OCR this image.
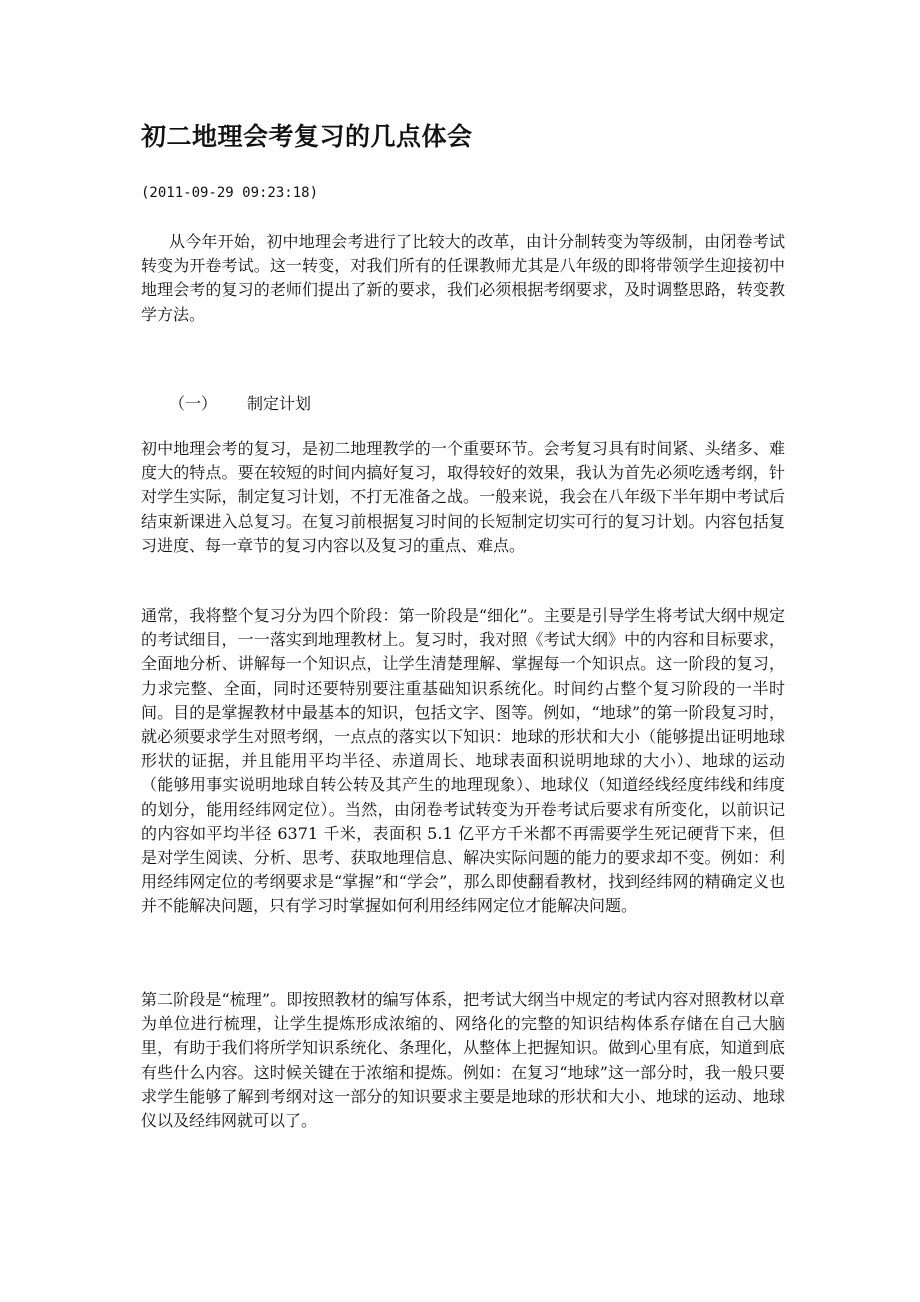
初二地理会考复习的几点体会
(2011-09-29 09:23:18)

从今年开始，初中地理会考进行了比较大的改革，由计分制转变为等级制，由闭卷考试转变为开卷考试。这一转变，对我们所有的任课教师尤其是八年级的即将带领学生迎接初中地理会考的复习的老师们提出了新的要求，我们必须根据考纲要求，及时调整思路，转变教学方法。

（一） 制定计划

初中地理会考的复习，是初二地理教学的一个重要环节。会考复习具有时间紧、头绪多、难度大的特点。要在较短的时间内搞好复习，取得较好的效果，我认为首先必须吃透考纲，针对学生实际，制定复习计划，不打无准备之战。一般来说，我会在八年级下半年期中考试后结束新课进入总复习。在复习前根据复习时间的长短制定切实可行的复习计划。内容包括复习进度、每一章节的复习内容以及复习的重点、难点。

通常，我将整个复习分为四个阶段：第一阶段是“细化”。主要是引导学生将考试大纲中规定的考试细目，一一落实到地理教材上。复习时，我对照《考试大纲》中的内容和目标要求，全面地分析、讲解每一个知识点，让学生清楚理解、掌握每一个知识点。这一阶段的复习，力求完整、全面，同时还要特别要注重基础知识系统化。时间约占整个复习阶段的一半时间。目的是掌握教材中最基本的知识，包括文字、图等。例如，“地球”的第一阶段复习时，就必须要求学生对照考纲，一点点的落实以下知识：地球的形状和大小（能够提出证明地球形状的证据，并且能用平均半径、赤道周长、地球表面积说明地球的大小）、地球的运动（能够用事实说明地球自转公转及其产生的地理现象）、地球仪（知道经线经度纬线和纬度的划分，能用经纬网定位）。当然，由闭卷考试转变为开卷考试后要求有所变化，以前识记的内容如平均半径 6371 千米，表面积 5.1 亿平方千米都不再需要学生死记硬背下来，但是对学生阅读、分析、思考、获取地理信息、解决实际问题的能力的要求却不变。例如：利用经纬网定位的考纲要求是“掌握”和“学会”，那么即使翻看教材，找到经纬网的精确定义也并不能解决问题，只有学习时掌握如何利用经纬网定位才能解决问题。

第二阶段是“梳理”。即按照教材的编写体系，把考试大纲当中规定的考试内容对照教材以章为单位进行梳理，让学生提炼形成浓缩的、网络化的完整的知识结构体系存储在自己大脑里，有助于我们将所学知识系统化、条理化，从整体上把握知识。做到心里有底，知道到底有些什么内容。这时候关键在于浓缩和提炼。例如：在复习“地球”这一部分时，我一般只要求学生能够了解到考纲对这一部分的知识要求主要是地球的形状和大小、地球的运动、地球仪以及经纬网就可以了。
